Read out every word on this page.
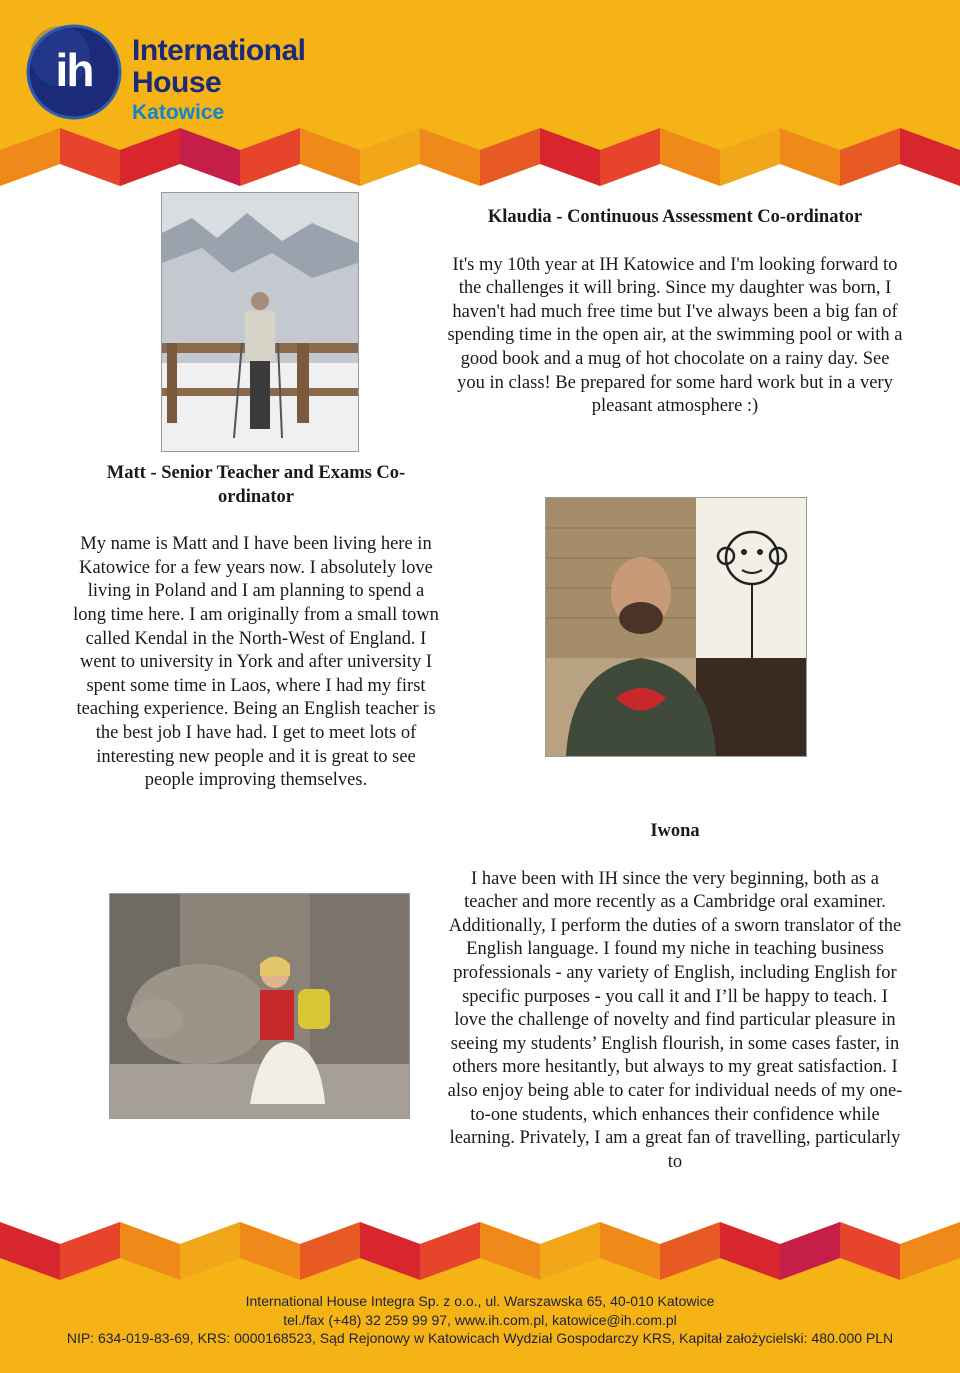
ih	International
House
Katowice
Klaudia - Continuous Assessment Co-ordinator
It's my 10th year at IH Katowice and I'm looking forward to the challenges it will bring. Since my daughter was born, I haven't had much free time but I've always been a big fan of spending time in the open air, at the swimming pool or with a good book and a mug of hot chocolate on a rainy day. See you in class! Be prepared for some hard work but in a very pleasant atmosphere :)
Matt - Senior Teacher and Exams Co-ordinator
My name is Matt and I have been living here in Katowice for a few years now. I absolutely love living in Poland and I am planning to spend a long time here. I am originally from a small town called Kendal in the North-West of England. I went to university in York and after university I spent some time in Laos, where I had my first teaching experience. Being an English teacher is the best job I have had. I get to meet lots of interesting new people and it is great to see people improving themselves.
Iwona
I have been with IH since the very beginning, both as a teacher and more recently as a Cambridge oral examiner. Additionally, I perform the duties of a sworn translator of the English language. I found my niche in teaching business professionals - any variety of English, including English for specific purposes - you call it and I’ll be happy to teach. I love the challenge of novelty and find particular pleasure in seeing my students’ English flourish, in some cases faster, in others more hesitantly, but always to my great satisfaction. I also enjoy being able to cater for individual needs of my one-to-one students, which enhances their confidence while learning. Privately, I am a great fan of travelling, particularly to
International House Integra Sp. z o.o., ul. Warszawska 65, 40-010 Katowice
tel./fax (+48) 32 259 99 97, www.ih.com.pl, katowice@ih.com.pl
NIP: 634-019-83-69, KRS: 0000168523, Sąd Rejonowy w Katowicach Wydział Gospodarczy KRS, Kapitał założycielski: 480.000 PLN
